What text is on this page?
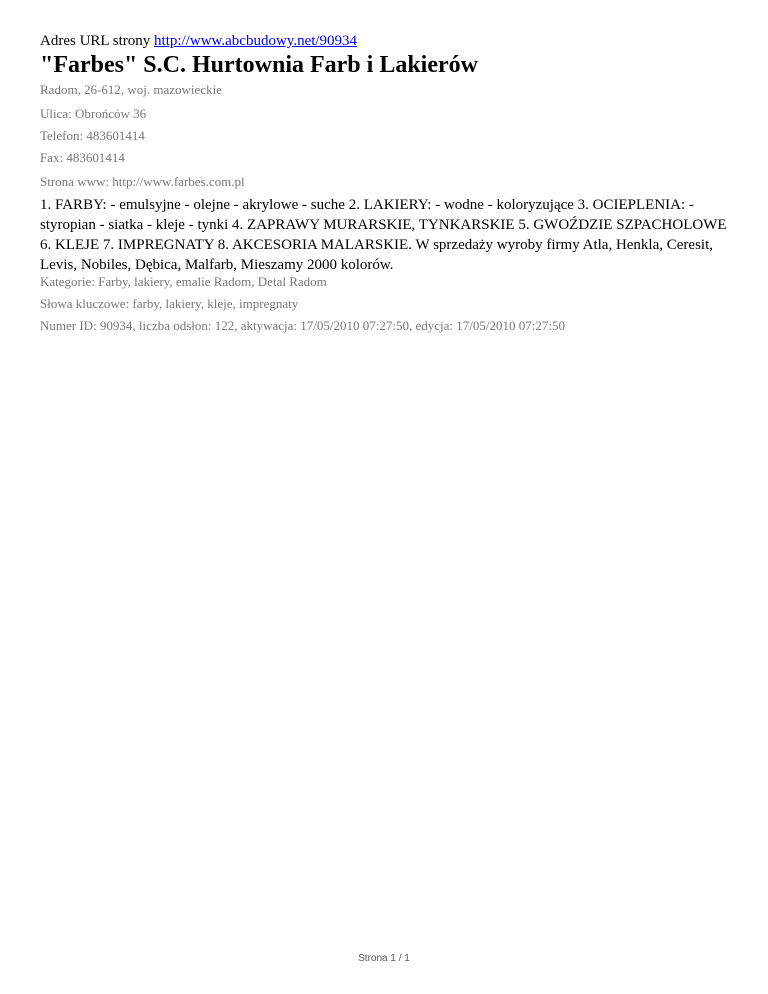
Adres URL strony http://www.abcbudowy.net/90934
"Farbes" S.C. Hurtownia Farb i Lakierów
Radom, 26-612, woj. mazowieckie
Ulica: Obrońców 36
Telefon: 483601414
Fax: 483601414
Strona www: http://www.farbes.com.pl
1. FARBY: - emulsyjne - olejne - akrylowe - suche 2. LAKIERY: - wodne - koloryzujące 3. OCIEPLENIA: - styropian - siatka - kleje - tynki 4. ZAPRAWY MURARSKIE, TYNKARSKIE 5. GWOŹDZIE SZPACHOLOWE 6. KLEJE 7. IMPREGNATY 8. AKCESORIA MALARSKIE. W sprzedaży wyroby firmy Atla, Henkla, Ceresit, Levis, Nobiles, Dębica, Malfarb, Mieszamy 2000 kolorów.
Kategorie: Farby, lakiery, emalie Radom, Detal Radom
Słowa kluczowe: farby, lakiery, kleje, impregnaty
Numer ID: 90934, liczba odsłon: 122, aktywacja: 17/05/2010 07:27:50, edycja: 17/05/2010 07:27:50
Strona 1 / 1
